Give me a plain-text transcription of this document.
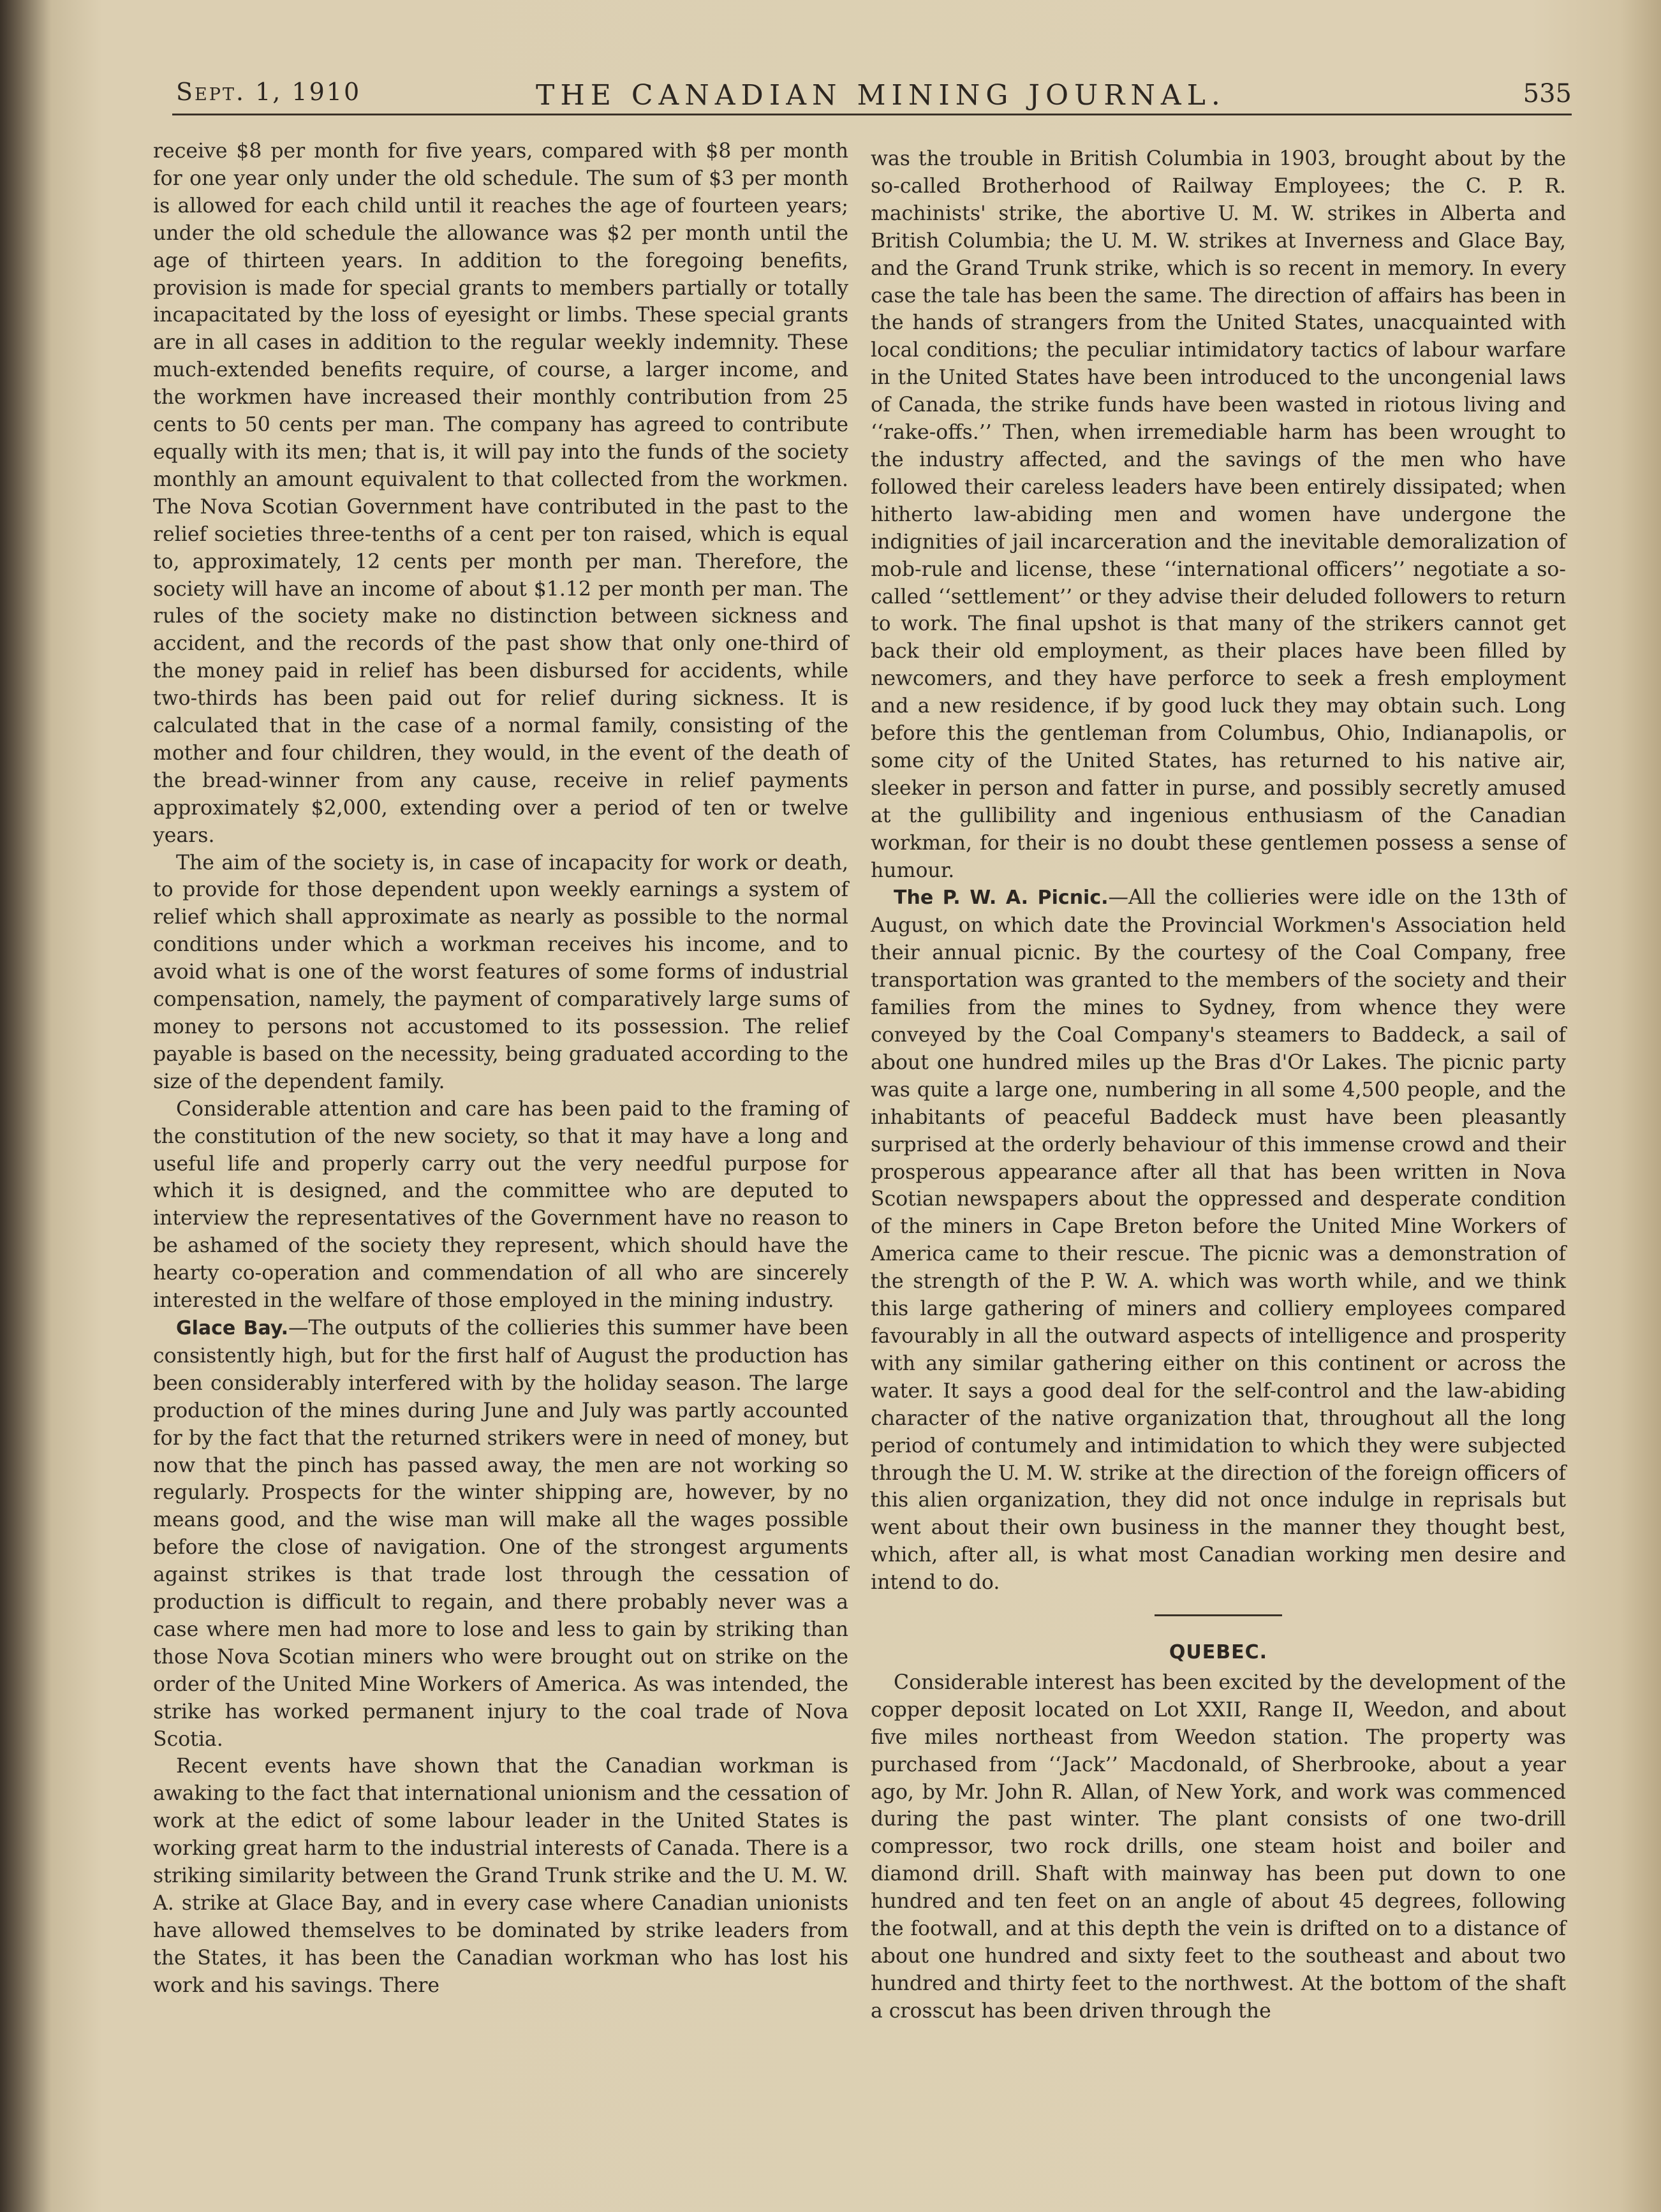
Sept. 1, 1910	THE CANADIAN MINING JOURNAL.	535

receive $8 per month for five years, compared with $8 per month for one year only under the old schedule. The sum of $3 per month is allowed for each child until it reaches the age of fourteen years; under the old schedule the allowance was $2 per month until the age of thirteen years. In addition to the foregoing benefits, provision is made for special grants to members partially or totally incapacitated by the loss of eyesight or limbs. These special grants are in all cases in addition to the regular weekly indemnity. These much-extended benefits require, of course, a larger income, and the workmen have increased their monthly contribution from 25 cents to 50 cents per man. The company has agreed to contribute equally with its men; that is, it will pay into the funds of the society monthly an amount equivalent to that collected from the workmen. The Nova Scotian Government have contributed in the past to the relief societies three-tenths of a cent per ton raised, which is equal to, approximately, 12 cents per month per man. Therefore, the society will have an income of about $1.12 per month per man. The rules of the society make no distinction between sickness and accident, and the records of the past show that only one-third of the money paid in relief has been disbursed for accidents, while two-thirds has been paid out for relief during sickness. It is calculated that in the case of a normal family, consisting of the mother and four children, they would, in the event of the death of the bread-winner from any cause, receive in relief payments approximately $2,000, extending over a period of ten or twelve years.

The aim of the society is, in case of incapacity for work or death, to provide for those dependent upon weekly earnings a system of relief which shall approximate as nearly as possible to the normal conditions under which a workman receives his income, and to avoid what is one of the worst features of some forms of industrial compensation, namely, the payment of comparatively large sums of money to persons not accustomed to its possession. The relief payable is based on the necessity, being graduated according to the size of the dependent family.

Considerable attention and care has been paid to the framing of the constitution of the new society, so that it may have a long and useful life and properly carry out the very needful purpose for which it is designed, and the committee who are deputed to interview the representatives of the Government have no reason to be ashamed of the society they represent, which should have the hearty co-operation and commendation of all who are sincerely interested in the welfare of those employed in the mining industry.

Glace Bay.—The outputs of the collieries this summer have been consistently high, but for the first half of August the production has been considerably interfered with by the holiday season. The large production of the mines during June and July was partly accounted for by the fact that the returned strikers were in need of money, but now that the pinch has passed away, the men are not working so regularly. Prospects for the winter shipping are, however, by no means good, and the wise man will make all the wages possible before the close of navigation. One of the strongest arguments against strikes is that trade lost through the cessation of production is difficult to regain, and there probably never was a case where men had more to lose and less to gain by striking than those Nova Scotian miners who were brought out on strike on the order of the United Mine Workers of America. As was intended, the strike has worked permanent injury to the coal trade of Nova Scotia.

Recent events have shown that the Canadian workman is awaking to the fact that international unionism and the cessation of work at the edict of some labour leader in the United States is working great harm to the industrial interests of Canada. There is a striking similarity between the Grand Trunk strike and the U. M. W. A. strike at Glace Bay, and in every case where Canadian unionists have allowed themselves to be dominated by strike leaders from the States, it has been the Canadian workman who has lost his work and his savings. There

was the trouble in British Columbia in 1903, brought about by the so-called Brotherhood of Railway Employees; the C. P. R. machinists' strike, the abortive U. M. W. strikes in Alberta and British Columbia; the U. M. W. strikes at Inverness and Glace Bay, and the Grand Trunk strike, which is so recent in memory. In every case the tale has been the same. The direction of affairs has been in the hands of strangers from the United States, unacquainted with local conditions; the peculiar intimidatory tactics of labour warfare in the United States have been introduced to the uncongenial laws of Canada, the strike funds have been wasted in riotous living and ‘‘rake-offs.’’ Then, when irremediable harm has been wrought to the industry affected, and the savings of the men who have followed their careless leaders have been entirely dissipated; when hitherto law-abiding men and women have undergone the indignities of jail incarceration and the inevitable demoralization of mob-rule and license, these ‘‘international officers’’ negotiate a so-called ‘‘settlement’’ or they advise their deluded followers to return to work. The final upshot is that many of the strikers cannot get back their old employment, as their places have been filled by newcomers, and they have perforce to seek a fresh employment and a new residence, if by good luck they may obtain such. Long before this the gentleman from Columbus, Ohio, Indianapolis, or some city of the United States, has returned to his native air, sleeker in person and fatter in purse, and possibly secretly amused at the gullibility and ingenious enthusiasm of the Canadian workman, for their is no doubt these gentlemen possess a sense of humour.

The P. W. A. Picnic.—All the collieries were idle on the 13th of August, on which date the Provincial Workmen's Association held their annual picnic. By the courtesy of the Coal Company, free transportation was granted to the members of the society and their families from the mines to Sydney, from whence they were conveyed by the Coal Company's steamers to Baddeck, a sail of about one hundred miles up the Bras d'Or Lakes. The picnic party was quite a large one, numbering in all some 4,500 people, and the inhabitants of peaceful Baddeck must have been pleasantly surprised at the orderly behaviour of this immense crowd and their prosperous appearance after all that has been written in Nova Scotian newspapers about the oppressed and desperate condition of the miners in Cape Breton before the United Mine Workers of America came to their rescue. The picnic was a demonstration of the strength of the P. W. A. which was worth while, and we think this large gathering of miners and colliery employees compared favourably in all the outward aspects of intelligence and prosperity with any similar gathering either on this continent or across the water. It says a good deal for the self-control and the law-abiding character of the native organization that, throughout all the long period of contumely and intimidation to which they were subjected through the U. M. W. strike at the direction of the foreign officers of this alien organization, they did not once indulge in reprisals but went about their own business in the manner they thought best, which, after all, is what most Canadian working men desire and intend to do.

QUEBEC.

Considerable interest has been excited by the development of the copper deposit located on Lot XXII, Range II, Weedon, and about five miles northeast from Weedon station. The property was purchased from ‘‘Jack’’ Macdonald, of Sherbrooke, about a year ago, by Mr. John R. Allan, of New York, and work was commenced during the past winter. The plant consists of one two-drill compressor, two rock drills, one steam hoist and boiler and diamond drill. Shaft with mainway has been put down to one hundred and ten feet on an angle of about 45 degrees, following the footwall, and at this depth the vein is drifted on to a distance of about one hundred and sixty feet to the southeast and about two hundred and thirty feet to the northwest. At the bottom of the shaft a crosscut has been driven through the
